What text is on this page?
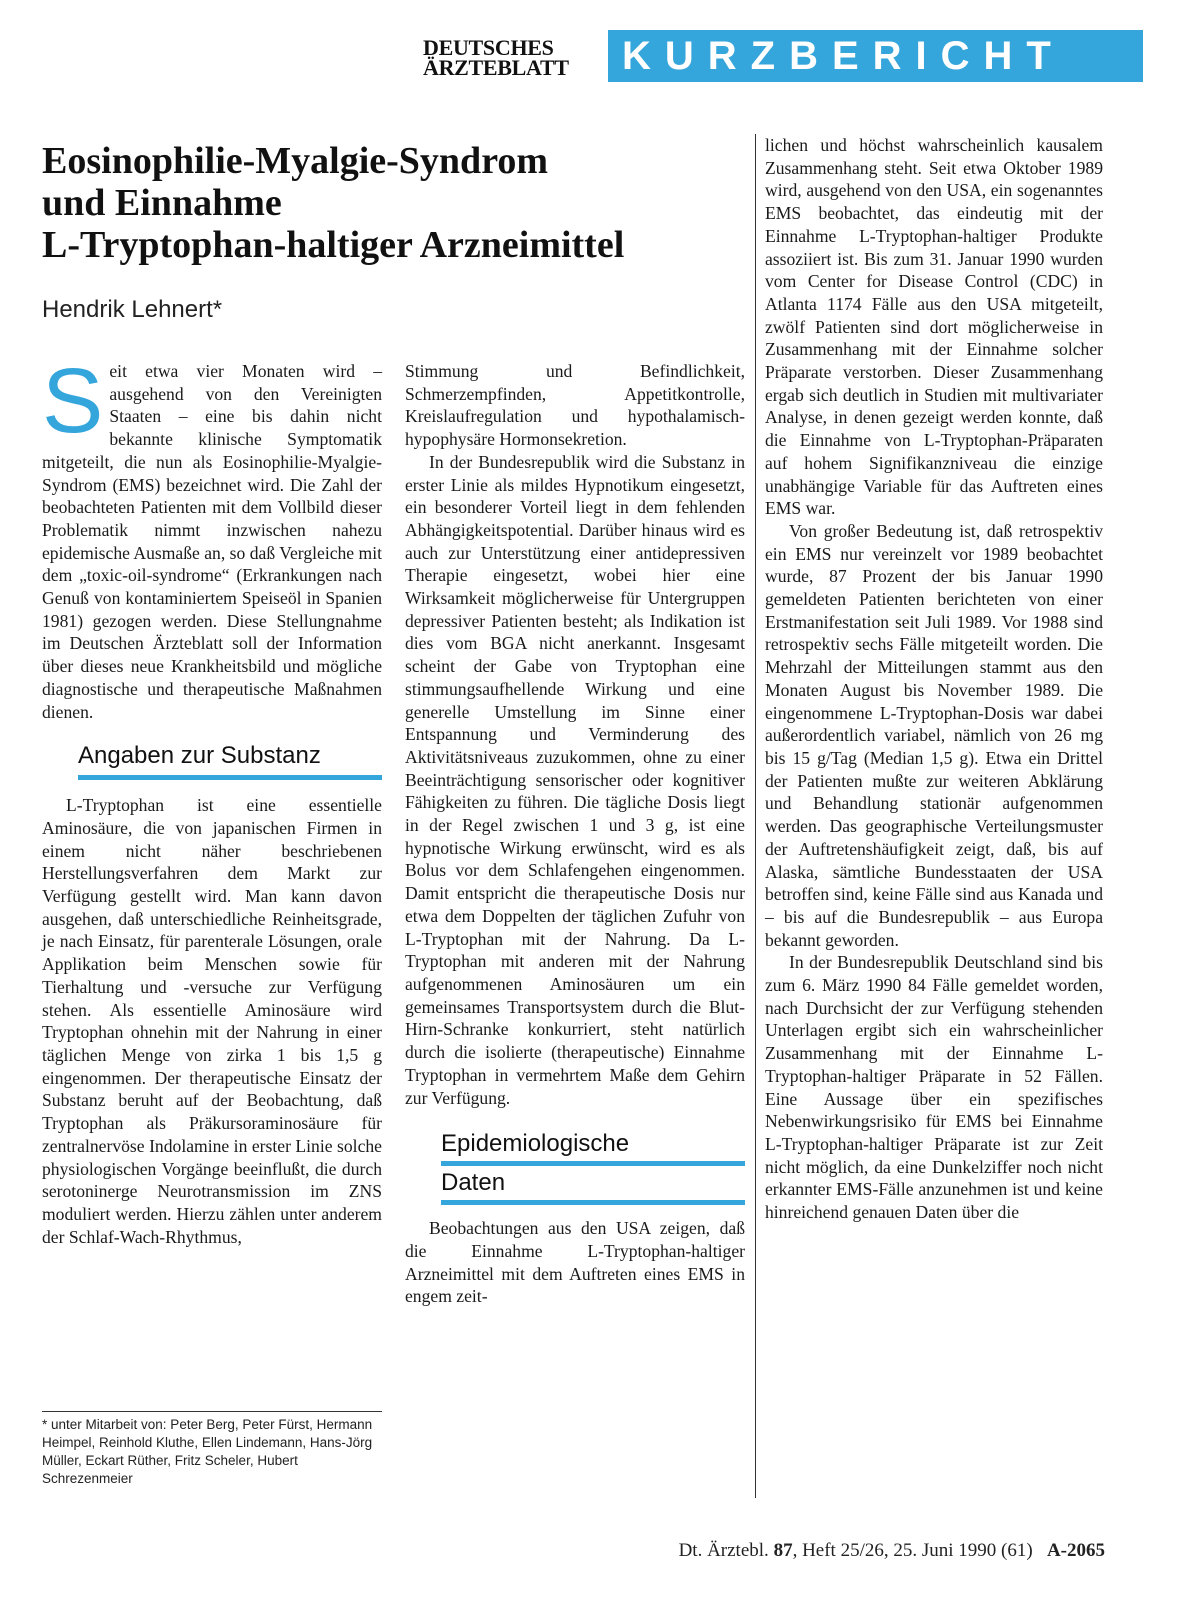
DEUTSCHES
ÄRZTEBLATT	KURZBERICHT
Eosinophilie-Myalgie-Syndrom
und Einnahme
L-Tryptophan-haltiger Arzneimittel
Hendrik Lehnert*

Seit etwa vier Monaten wird – ausgehend von den Vereinigten Staaten – eine bis dahin nicht bekannte klinische Symptomatik mitgeteilt, die nun als Eosinophilie-Myalgie-Syndrom (EMS) bezeichnet wird. Die Zahl der beobachteten Patienten mit dem Vollbild dieser Problematik nimmt inzwischen nahezu epidemische Ausmaße an, so daß Vergleiche mit dem „toxic-oil-syndrome“ (Erkrankungen nach Genuß von kontaminiertem Speiseöl in Spanien 1981) gezogen werden. Diese Stellungnahme im Deutschen Ärzteblatt soll der Information über dieses neue Krankheitsbild und mögliche diagnostische und therapeutische Maßnahmen dienen.

Angaben zur Substanz

L-Tryptophan ist eine essentielle Aminosäure, die von japanischen Firmen in einem nicht näher beschriebenen Herstellungsverfahren dem Markt zur Verfügung gestellt wird. Man kann davon ausgehen, daß unterschiedliche Reinheitsgrade, je nach Einsatz, für parenterale Lösungen, orale Applikation beim Menschen sowie für Tierhaltung und -versuche zur Verfügung stehen. Als essentielle Aminosäure wird Tryptophan ohnehin mit der Nahrung in einer täglichen Menge von zirka 1 bis 1,5 g eingenommen. Der therapeutische Einsatz der Substanz beruht auf der Beobachtung, daß Tryptophan als Präkursoraminosäure für zentralnervöse Indolamine in erster Linie solche physiologischen Vorgänge beeinflußt, die durch serotoninerge Neurotransmission im ZNS moduliert werden. Hierzu zählen unter anderem der Schlaf-Wach-Rhythmus,

Stimmung und Befindlichkeit, Schmerzempfinden, Appetitkontrolle, Kreislaufregulation und hypothalamisch-hypophysäre Hormonsekretion.

In der Bundesrepublik wird die Substanz in erster Linie als mildes Hypnotikum eingesetzt, ein besonderer Vorteil liegt in dem fehlenden Abhängigkeitspotential. Darüber hinaus wird es auch zur Unterstützung einer antidepressiven Therapie eingesetzt, wobei hier eine Wirksamkeit möglicherweise für Untergruppen depressiver Patienten besteht; als Indikation ist dies vom BGA nicht anerkannt. Insgesamt scheint der Gabe von Tryptophan eine stimmungsaufhellende Wirkung und eine generelle Umstellung im Sinne einer Entspannung und Verminderung des Aktivitätsniveaus zuzukommen, ohne zu einer Beeinträchtigung sensorischer oder kognitiver Fähigkeiten zu führen. Die tägliche Dosis liegt in der Regel zwischen 1 und 3 g, ist eine hypnotische Wirkung erwünscht, wird es als Bolus vor dem Schlafengehen eingenommen. Damit entspricht die therapeutische Dosis nur etwa dem Doppelten der täglichen Zufuhr von L-Tryptophan mit der Nahrung. Da L-Tryptophan mit anderen mit der Nahrung aufgenommenen Aminosäuren um ein gemeinsames Transportsystem durch die Blut-Hirn-Schranke konkurriert, steht natürlich durch die isolierte (therapeutische) Einnahme Tryptophan in vermehrtem Maße dem Gehirn zur Verfügung.

Epidemiologische
Daten

Beobachtungen aus den USA zeigen, daß die Einnahme L-Tryptophan-haltiger Arzneimittel mit dem Auftreten eines EMS in engem zeit-

lichen und höchst wahrscheinlich kausalem Zusammenhang steht. Seit etwa Oktober 1989 wird, ausgehend von den USA, ein sogenanntes EMS beobachtet, das eindeutig mit der Einnahme L-Tryptophan-haltiger Produkte assoziiert ist. Bis zum 31. Januar 1990 wurden vom Center for Disease Control (CDC) in Atlanta 1174 Fälle aus den USA mitgeteilt, zwölf Patienten sind dort möglicherweise in Zusammenhang mit der Einnahme solcher Präparate verstorben. Dieser Zusammenhang ergab sich deutlich in Studien mit multivariater Analyse, in denen gezeigt werden konnte, daß die Einnahme von L-Tryptophan-Präparaten auf hohem Signifikanzniveau die einzige unabhängige Variable für das Auftreten eines EMS war.

Von großer Bedeutung ist, daß retrospektiv ein EMS nur vereinzelt vor 1989 beobachtet wurde, 87 Prozent der bis Januar 1990 gemeldeten Patienten berichteten von einer Erstmanifestation seit Juli 1989. Vor 1988 sind retrospektiv sechs Fälle mitgeteilt worden. Die Mehrzahl der Mitteilungen stammt aus den Monaten August bis November 1989. Die eingenommene L-Tryptophan-Dosis war dabei außerordentlich variabel, nämlich von 26 mg bis 15 g/Tag (Median 1,5 g). Etwa ein Drittel der Patienten mußte zur weiteren Abklärung und Behandlung stationär aufgenommen werden. Das geographische Verteilungsmuster der Auftretenshäufigkeit zeigt, daß, bis auf Alaska, sämtliche Bundesstaaten der USA betroffen sind, keine Fälle sind aus Kanada und – bis auf die Bundesrepublik – aus Europa bekannt geworden.

In der Bundesrepublik Deutschland sind bis zum 6. März 1990 84 Fälle gemeldet worden, nach Durchsicht der zur Verfügung stehenden Unterlagen ergibt sich ein wahrscheinlicher Zusammenhang mit der Einnahme L-Tryptophan-haltiger Präparate in 52 Fällen. Eine Aussage über ein spezifisches Nebenwirkungsrisiko für EMS bei Einnahme L-Tryptophan-haltiger Präparate ist zur Zeit nicht möglich, da eine Dunkelziffer noch nicht erkannter EMS-Fälle anzunehmen ist und keine hinreichend genauen Daten über die

* unter Mitarbeit von: Peter Berg, Peter Fürst, Hermann Heimpel, Reinhold Kluthe, Ellen Lindemann, Hans-Jörg Müller, Eckart Rüther, Fritz Scheler, Hubert Schrezenmeier
Dt. Ärztebl. 87, Heft 25/26, 25. Juni 1990 (61) A-2065
